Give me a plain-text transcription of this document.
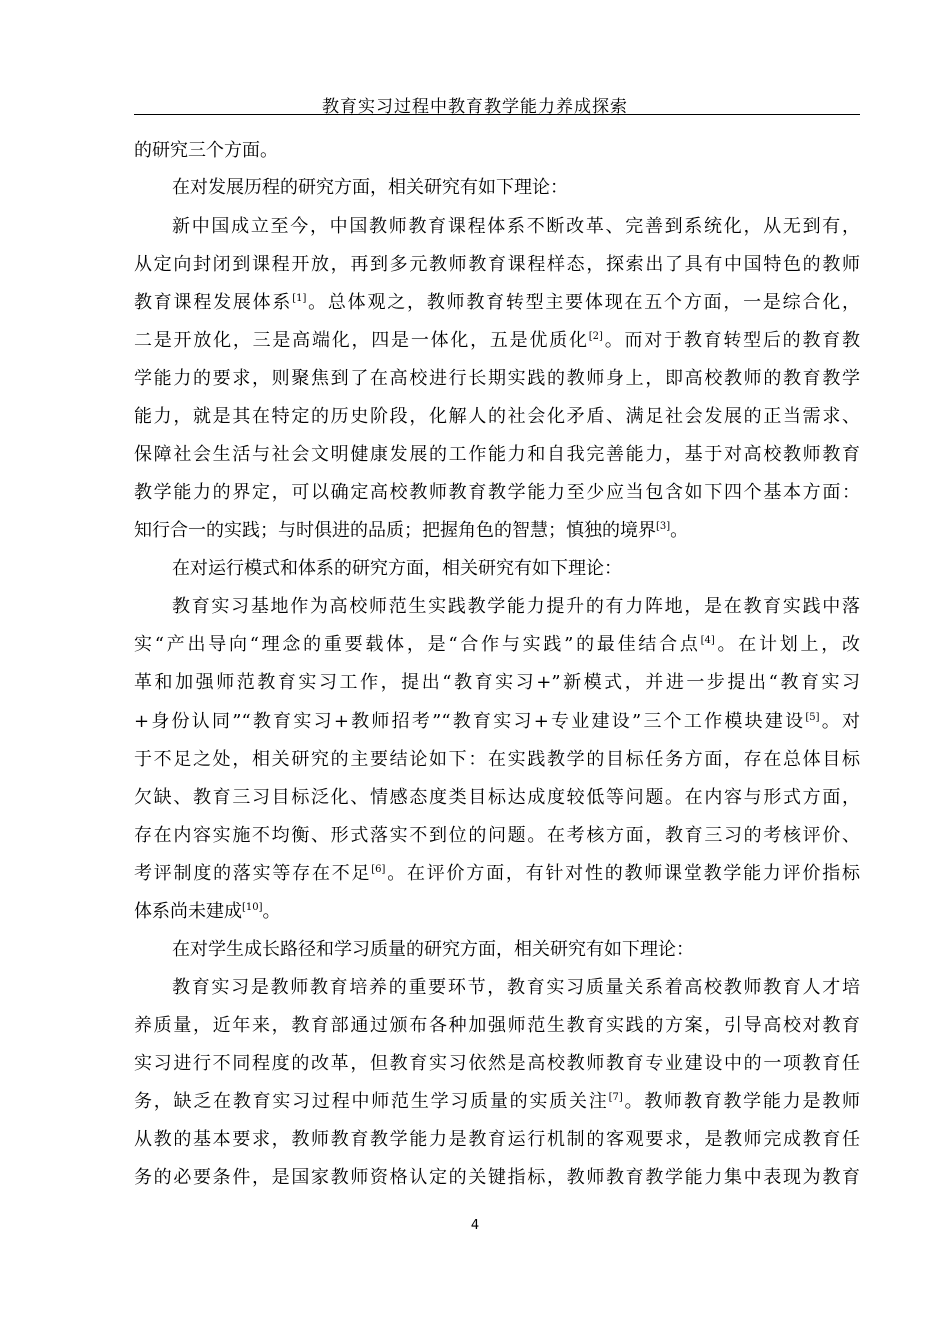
教育实习过程中教育教学能力养成探索
的研究三个方面。
在对发展历程的研究方面，相关研究有如下理论：
新中国成立至今，中国教师教育课程体系不断改革、完善到系统化，从无到有，
从定向封闭到课程开放，再到多元教师教育课程样态，探索出了具有中国特色的教师
教育课程发展体系[1]。总体观之，教师教育转型主要体现在五个方面，一是综合化，
二是开放化，三是高端化，四是一体化，五是优质化[2]。而对于教育转型后的教育教
学能力的要求，则聚焦到了在高校进行长期实践的教师身上，即高校教师的教育教学
能力，就是其在特定的历史阶段，化解人的社会化矛盾、满足社会发展的正当需求、
保障社会生活与社会文明健康发展的工作能力和自我完善能力，基于对高校教师教育
教学能力的界定，可以确定高校教师教育教学能力至少应当包含如下四个基本方面：
知行合一的实践；与时俱进的品质；把握角色的智慧；慎独的境界[3]。
在对运行模式和体系的研究方面，相关研究有如下理论：
教育实习基地作为高校师范生实践教学能力提升的有力阵地，是在教育实践中落
实“产出导向“理念的重要载体，是“合作与实践”的最佳结合点[4]。在计划上，改
革和加强师范教育实习工作，提出“教育实习+”新模式，并进一步提出“教育实习
+身份认同”“教育实习+教师招考”“教育实习+专业建设”三个工作模块建设[5]。对
于不足之处，相关研究的主要结论如下：在实践教学的目标任务方面，存在总体目标
欠缺、教育三习目标泛化、情感态度类目标达成度较低等问题。在内容与形式方面，
存在内容实施不均衡、形式落实不到位的问题。在考核方面，教育三习的考核评价、
考评制度的落实等存在不足[6]。在评价方面，有针对性的教师课堂教学能力评价指标
体系尚未建成[10]。
在对学生成长路径和学习质量的研究方面，相关研究有如下理论：
教育实习是教师教育培养的重要环节，教育实习质量关系着高校教师教育人才培
养质量，近年来，教育部通过颁布各种加强师范生教育实践的方案，引导高校对教育
实习进行不同程度的改革，但教育实习依然是高校教师教育专业建设中的一项教育任
务，缺乏在教育实习过程中师范生学习质量的实质关注[7]。教师教育教学能力是教师
从教的基本要求，教师教育教学能力是教育运行机制的客观要求，是教师完成教育任
务的必要条件，是国家教师资格认定的关键指标，教师教育教学能力集中表现为教育
4
